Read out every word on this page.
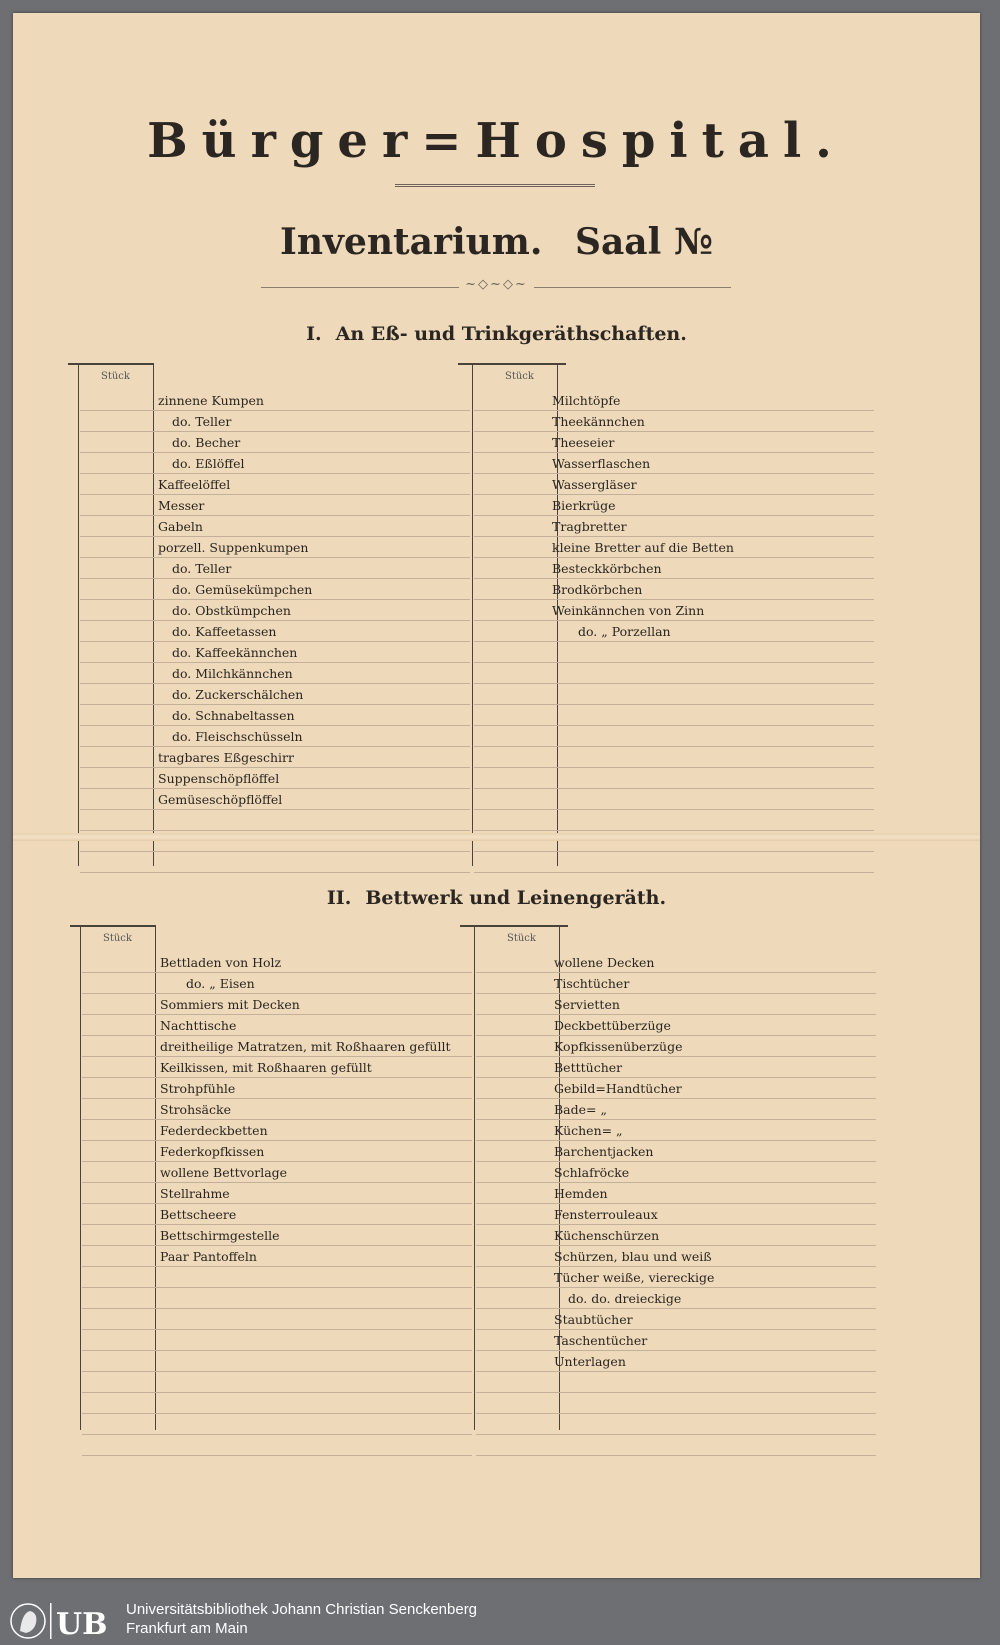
Bürger=Hospital.
Inventarium. Saal №
~◇~◇~
I. An Eß- und Trinkgeräthschaften.
Stück
zinnene Kumpen
do. Teller
do. Becher
do. Eßlöffel
Kaffeelöffel
Messer
Gabeln
porzell. Suppenkumpen
do. Teller
do. Gemüsekümpchen
do. Obstkümpchen
do. Kaffeetassen
do. Kaffeekännchen
do. Milchkännchen
do. Zuckerschälchen
do. Schnabeltassen
do. Fleischschüsseln
tragbares Eßgeschirr
Suppenschöpflöffel
Gemüseschöpflöffel
Stück
Milchtöpfe
Theekännchen
Theeseier
Wasserflaschen
Wassergläser
Bierkrüge
Tragbretter
kleine Bretter auf die Betten
Besteckkörbchen
Brodkörbchen
Weinkännchen von Zinn
do. „ Porzellan
II. Bettwerk und Leinengeräth.
Stück
Bettladen von Holz
do. „ Eisen
Sommiers mit Decken
Nachttische
dreitheilige Matratzen, mit Roßhaaren gefüllt
Keilkissen, mit Roßhaaren gefüllt
Strohpfühle
Strohsäcke
Federdeckbetten
Federkopfkissen
wollene Bettvorlage
Stellrahme
Bettscheere
Bettschirmgestelle
Paar Pantoffeln
Stück
wollene Decken
Tischtücher
Servietten
Deckbettüberzüge
Kopfkissenüberzüge
Betttücher
Gebild=Handtücher
Bade= „
Küchen= „
Barchentjacken
Schlafröcke
Hemden
Fensterrouleaux
Küchenschürzen
Schürzen, blau und weiß
Tücher weiße, viereckige
do. do. dreieckige
Staubtücher
Taschentücher
Unterlagen
UB Universitätsbibliothek Johann Christian Senckenberg
Frankfurt am Main
